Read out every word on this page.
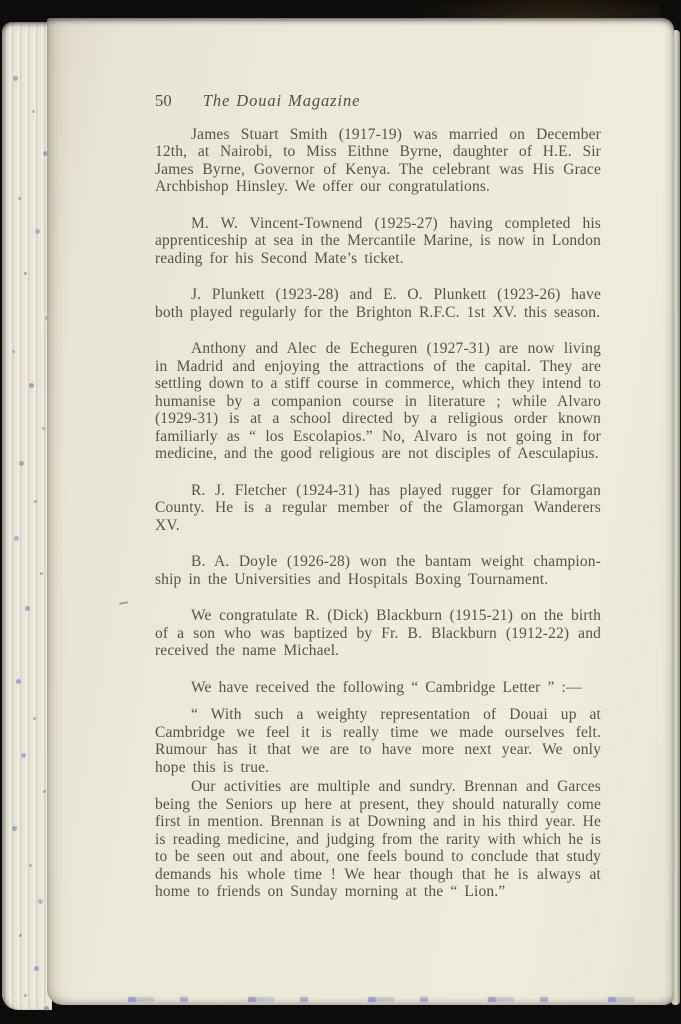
50 The Douai Magazine

James Stuart Smith (1917-19) was married on December 12th, at Nairobi, to Miss Eithne Byrne, daughter of H.E. Sir James Byrne, Governor of Kenya. The celebrant was His Grace Archbishop Hinsley. We offer our congratulations.

M. W. Vincent-Townend (1925-27) having completed his apprenticeship at sea in the Mercantile Marine, is now in London reading for his Second Mate’s ticket.

J. Plunkett (1923-28) and E. O. Plunkett (1923-26) have both played regularly for the Brighton R.F.C. 1st XV. this season.

Anthony and Alec de Echeguren (1927-31) are now living in Madrid and enjoying the attractions of the capital. They are settling down to a stiff course in commerce, which they intend to humanise by a companion course in literature ; while Alvaro (1929-31) is at a school directed by a religious order known familiarly as “ los Escolapios.” No, Alvaro is not going in for medicine, and the good religious are not disciples of Aesculapius.

R. J. Fletcher (1924-31) has played rugger for Glamorgan County. He is a regular member of the Glamorgan Wanderers XV.

B. A. Doyle (1926-28) won the bantam weight champion-ship in the Universities and Hospitals Boxing Tournament.

We congratulate R. (Dick) Blackburn (1915-21) on the birth of a son who was baptized by Fr. B. Blackburn (1912-22) and received the name Michael.

We have received the following “ Cambridge Letter ” :—

“ With such a weighty representation of Douai up at Cambridge we feel it is really time we made ourselves felt. Rumour has it that we are to have more next year. We only hope this is true.

Our activities are multiple and sundry. Brennan and Garces being the Seniors up here at present, they should naturally come first in mention. Brennan is at Downing and in his third year. He is reading medicine, and judging from the rarity with which he is to be seen out and about, one feels bound to conclude that study demands his whole time ! We hear though that he is always at home to friends on Sunday morning at the “ Lion.”
